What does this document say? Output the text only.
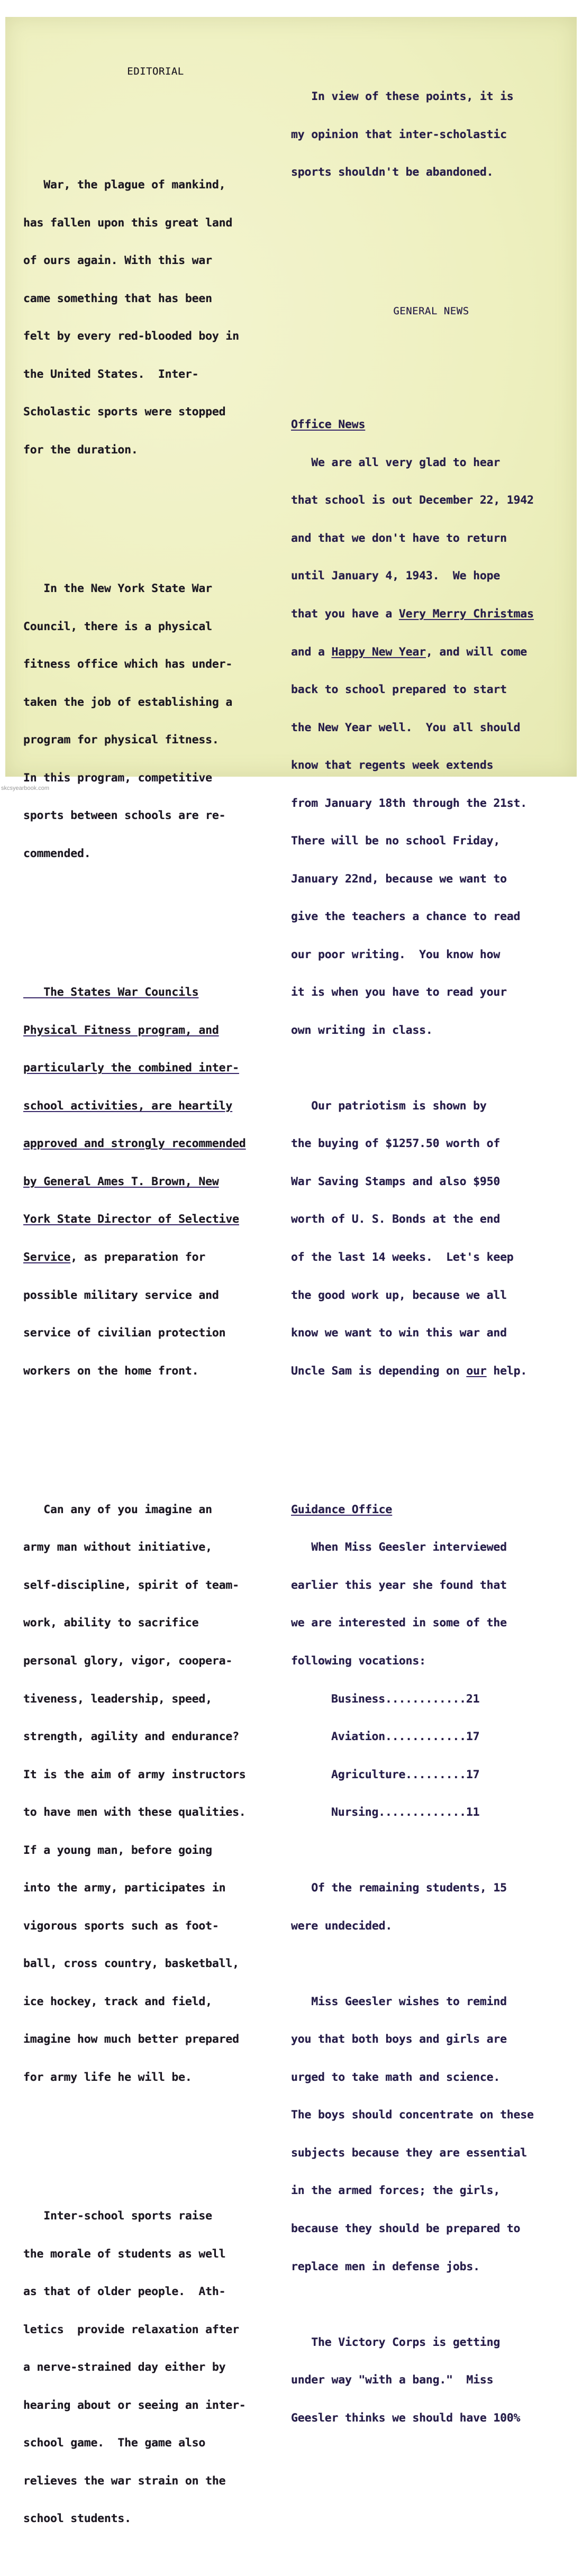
EDITORIAL

War, the plague of mankind,

has fallen upon this great land

of ours again. With this war

came something that has been

felt by every red-blooded boy in

the United States.  Inter-

Scholastic sports were stopped

for the duration.

In the New York State War

Council, there is a physical

fitness office which has under-

taken the job of establishing a

program for physical fitness.

In this program, competitive

sports between schools are re-

commended.

The States War Councils

Physical Fitness program, and

particularly the combined inter-

school activities, are heartily

approved and strongly recommended

by General Ames T. Brown, New

York State Director of Selective

Service, as preparation for

possible military service and

service of civilian protection

workers on the home front.

Can any of you imagine an

army man without initiative,

self-discipline, spirit of team-

work, ability to sacrifice

personal glory, vigor, coopera-

tiveness, leadership, speed,

strength, agility and endurance?

It is the aim of army instructors

to have men with these qualities.

If a young man, before going

into the army, participates in

vigorous sports such as foot-

ball, cross country, basketball,

ice hockey, track and field,

imagine how much better prepared

for army life he will be.

Inter-school sports raise

the morale of students as well

as that of older people.  Ath-

letics  provide relaxation after

a nerve-strained day either by

hearing about or seeing an inter-

school game.  The game also

relieves the war strain on the

school students.

In view of these points, it is

my opinion that inter-scholastic

sports shouldn't be abandoned.

GENERAL NEWS

Office News

We are all very glad to hear

that school is out December 22, 1942

and that we don't have to return

until January 4, 1943.  We hope

that you have a Very Merry Christmas

and a Happy New Year, and will come

back to school prepared to start

the New Year well.  You all should

know that regents week extends

from January 18th through the 21st.

There will be no school Friday,

January 22nd, because we want to

give the teachers a chance to read

our poor writing.  You know how

it is when you have to read your

own writing in class.

Our patriotism is shown by

the buying of $1257.50 worth of

War Saving Stamps and also $950

worth of U. S. Bonds at the end

of the last 14 weeks.  Let's keep

the good work up, because we all

know we want to win this war and

Uncle Sam is depending on our help.

Guidance Office

When Miss Geesler interviewed

earlier this year she found that

we are interested in some of the

following vocations:

Business............21

Aviation............17

Agriculture.........17

Nursing.............11

Of the remaining students, 15

were undecided.

Miss Geesler wishes to remind

you that both boys and girls are

urged to take math and science.

The boys should concentrate on these

subjects because they are essential

in the armed forces; the girls,

because they should be prepared to

replace men in defense jobs.

The Victory Corps is getting

under way "with a bang."  Miss

Geesler thinks we should have 100%

skcsyearbook.com
